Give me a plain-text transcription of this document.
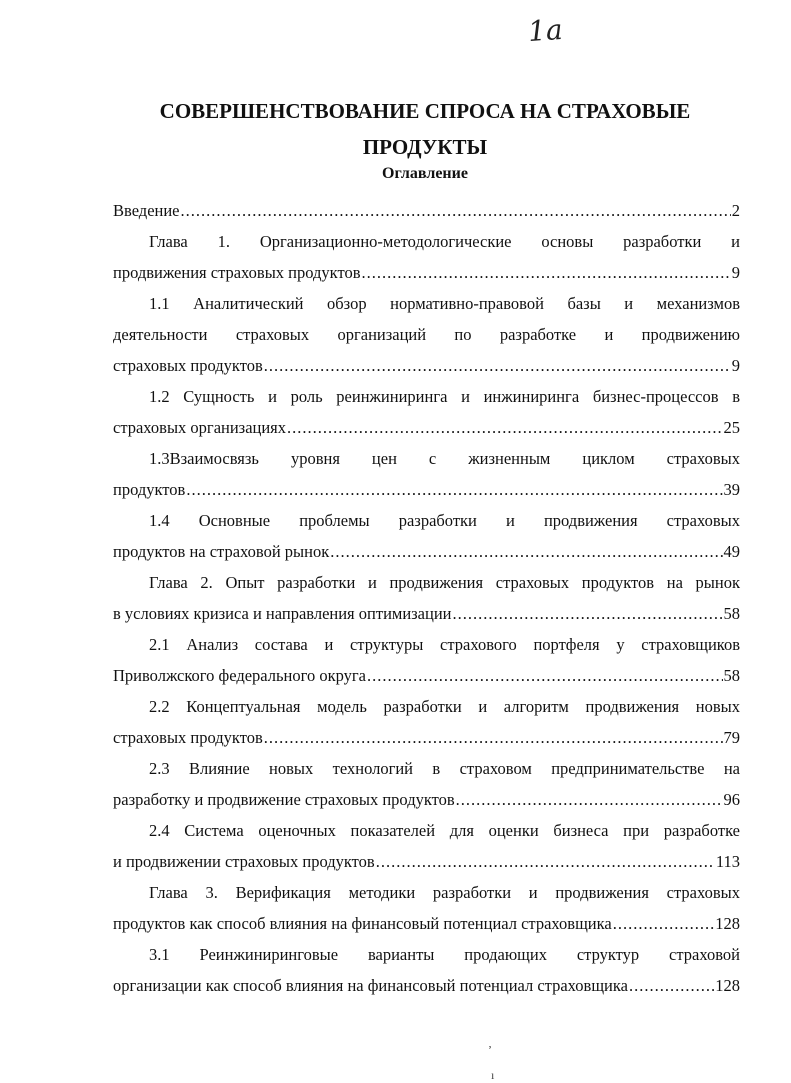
1a
СОВЕРШЕНСТВОВАНИЕ СПРОСА НА СТРАХОВЫЕ ПРОДУКТЫ
Оглавление
Введение .....	2
Глава 1. Организационно-методологические основы разработки и
продвижения страховых продуктов .....	9
1.1 Аналитический обзор нормативно-правовой базы и механизмов
деятельности страховых организаций по разработке и продвижению
страховых продуктов .....	9
1.2 Сущность и роль реинжиниринга и инжиниринга бизнес-процессов в
страховых организациях .....	25
1.3Взаимосвязь уровня цен с жизненным циклом страховых
продуктов .....	39
1.4 Основные проблемы разработки и продвижения страховых
продуктов на страховой рынок .....	49
Глава 2. Опыт разработки и продвижения страховых продуктов на рынок
в условиях кризиса и направления оптимизации .....	58
2.1 Анализ состава и структуры страхового портфеля у страховщиков
Приволжского федерального округа .....	58
2.2 Концептуальная модель разработки и алгоритм продвижения новых
страховых продуктов .....	79
2.3 Влияние новых технологий в страховом предпринимательстве на
разработку и продвижение страховых продуктов .....	96
2.4 Система оценочных показателей для оценки бизнеса при разработке
и продвижении страховых продуктов .....	113
Глава 3. Верификация методики разработки и продвижения страховых
продуктов как способ влияния на финансовый потенциал страховщика .....	128
3.1 Реинжиниринговые варианты продающих структур страховой
организации как способ влияния на финансовый потенциал страховщика .....	128
‚
ı
